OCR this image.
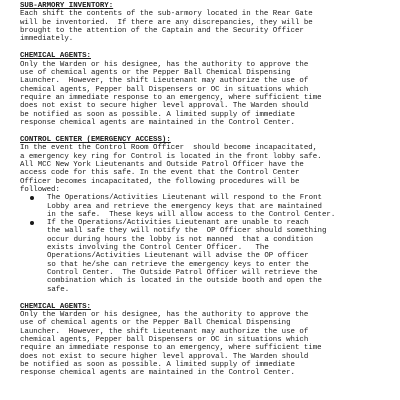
SUB-ARMORY INVENTORY:
Each shift the contents of the sub-armory located in the Rear Gate
will be inventoried.  If there are any discrepancies, they will be
brought to the attention of the Captain and the Security Officer
immediately.
CHEMICAL AGENTS:
Only the Warden or his designee, has the authority to approve the
use of chemical agents or the Pepper Ball Chemical Dispensing
Launcher.  However, the shift Lieutenant may authorize the use of
chemical agents, Pepper ball Dispensers or OC in situations which
require an immediate response to an emergency, where sufficient time
does not exist to secure higher level approval. The Warden should
be notified as soon as possible. A limited supply of immediate
response chemical agents are maintained in the Control Center.
CONTROL CENTER (EMERGENCY ACCESS):
In the event the Control Room Officer  should become incapacitated,
a emergency key ring for Control is located in the front lobby safe.
All MCC New York Lieutenants and Outside Patrol Officer have the
access code for this safe. In the event that the Control Center
Officer becomes incapacitated, the following procedures will be
followed:
The Operations/Activities Lieutenant will respond to the Front
Lobby area and retrieve the emergency keys that are maintained
in the safe.  These keys will allow access to the Control Center.
If the Operations/Activities Lieutenant are unable to reach
the wall safe they will notify the  OP Officer should something
occur during hours the lobby is not manned  that a condition
exists involving the Control Center Officer.   The
Operations/Activities Lieutenant will advise the OP officer
so that he/she can retrieve the emergency keys to enter the
Control Center.  The Outside Patrol Officer will retrieve the
combination which is located in the outside booth and open the
safe.
CHEMICAL AGENTS:
Only the Warden or his designee, has the authority to approve the
use of chemical agents or the Pepper Ball Chemical Dispensing
Launcher.  However, the shift Lieutenant may authorize the use of
chemical agents, Pepper ball Dispensers or OC in situations which
require an immediate response to an emergency, where sufficient time
does not exist to secure higher level approval. The Warden should
be notified as soon as possible. A limited supply of immediate
response chemical agents are maintained in the Control Center.
